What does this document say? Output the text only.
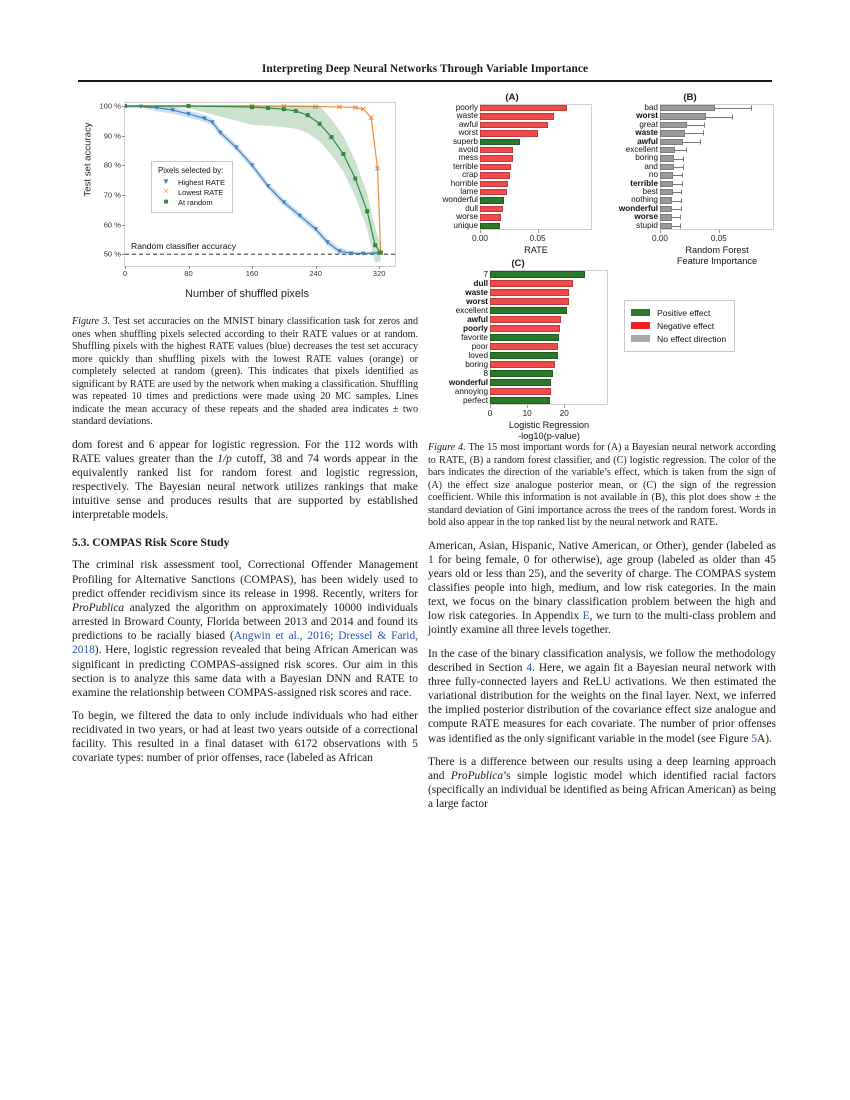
Interpreting Deep Neural Networks Through Variable Importance
Test set accuracy
Number of shuffled pixels
Random classifier accuracy
Pixels selected by:
▼	Highest RATE
✕	Lowest RATE
■	At random
50 %
60 %
70 %
80 %
90 %
100 %
0	80	160	240	320

Figure 3. Test set accuracies on the MNIST binary classification task for zeros and ones when shuffling pixels selected according to their RATE values or at random. Shuffling pixels with the highest RATE values (blue) decreases the test set accuracy more quickly than shuffling pixels with the lowest RATE values (orange) or completely selected at random (green). This indicates that pixels identified as significant by RATE are used by the network when making a classification. Shuffling was repeated 10 times and predictions were made using 20 MC samples. Lines indicate the mean accuracy of these repeats and the shaded area indicates ± two standard deviations.

dom forest and 6 appear for logistic regression. For the 112 words with RATE values greater than the 1/p cutoff, 38 and 74 words appear in the equivalently ranked list for random forest and logistic regression, respectively. The Bayesian neural network utilizes rankings that make intuitive sense and produces results that are supported by established interpretable models.

5.3. COMPAS Risk Score Study

The criminal risk assessment tool, Correctional Offender Management Profiling for Alternative Sanctions (COMPAS), has been widely used to predict offender recidivism since its release in 1998. Recently, writers for ProPublica analyzed the algorithm on approximately 10000 individuals arrested in Broward County, Florida between 2013 and 2014 and found its predictions to be racially biased (Angwin et al., 2016; Dressel & Farid, 2018). Here, logistic regression revealed that being African American was significant in predicting COMPAS-assigned risk scores. Our aim in this section is to analyze this same data with a Bayesian DNN and RATE to examine the relationship between COMPAS-assigned risk scores and race.

To begin, we filtered the data to only include individuals who had either recidivated in two years, or had at least two years outside of a correctional facility. This resulted in a final dataset with 6172 observations with 5 covariate types: number of prior offenses, race (labeled as African

(A)
poorly
waste
awful
worst
superb
avoid
mess
terrible
crap
horrible
lame
wonderful
dull
worse
unique
0.00	0.05
RATE
(B)
bad
worst
great
waste
awful
excellent
boring
and
no
terrible
best
nothing
wonderful
worse
stupid
0.00	0.05
Random Forest
Feature Importance
(C)
7
dull
waste
worst
excellent
awful
poorly
favorite
poor
loved
boring
8
wonderful
annoying
perfect
0	10	20
Logistic Regression
-log10(p-value)
Positive effect
Negative effect
No effect direction

Figure 4. The 15 most important words for (A) a Bayesian neural network according to RATE, (B) a random forest classifier, and (C) logistic regression. The color of the bars indicates the direction of the variable’s effect, which is taken from the sign of (A) the effect size analogue posterior mean, or (C) the sign of the regression coefficient. While this information is not available in (B), this plot does show ± the standard deviation of Gini importance across the trees of the random forest. Words in bold also appear in the top ranked list by the neural network and RATE.

American, Asian, Hispanic, Native American, or Other), gender (labeled as 1 for being female, 0 for otherwise), age group (labeled as older than 45 years old or less than 25), and the severity of charge. The COMPAS system classifies people into high, medium, and low risk categories. In the main text, we focus on the binary classification problem between the high and low risk categories. In Appendix E, we turn to the multi-class problem and jointly examine all three levels together.

In the case of the binary classification analysis, we follow the methodology described in Section 4. Here, we again fit a Bayesian neural network with three fully-connected layers and ReLU activations. We then estimated the variational distribution for the weights on the final layer. Next, we inferred the implied posterior distribution of the covariance effect size analogue and compute RATE measures for each covariate. The number of prior offenses was identified as the only significant variable in the model (see Figure 5A).

There is a difference between our results using a deep learning approach and ProPublica’s simple logistic model which identified racial factors (specifically an individual be identified as being African American) as being a large factor
